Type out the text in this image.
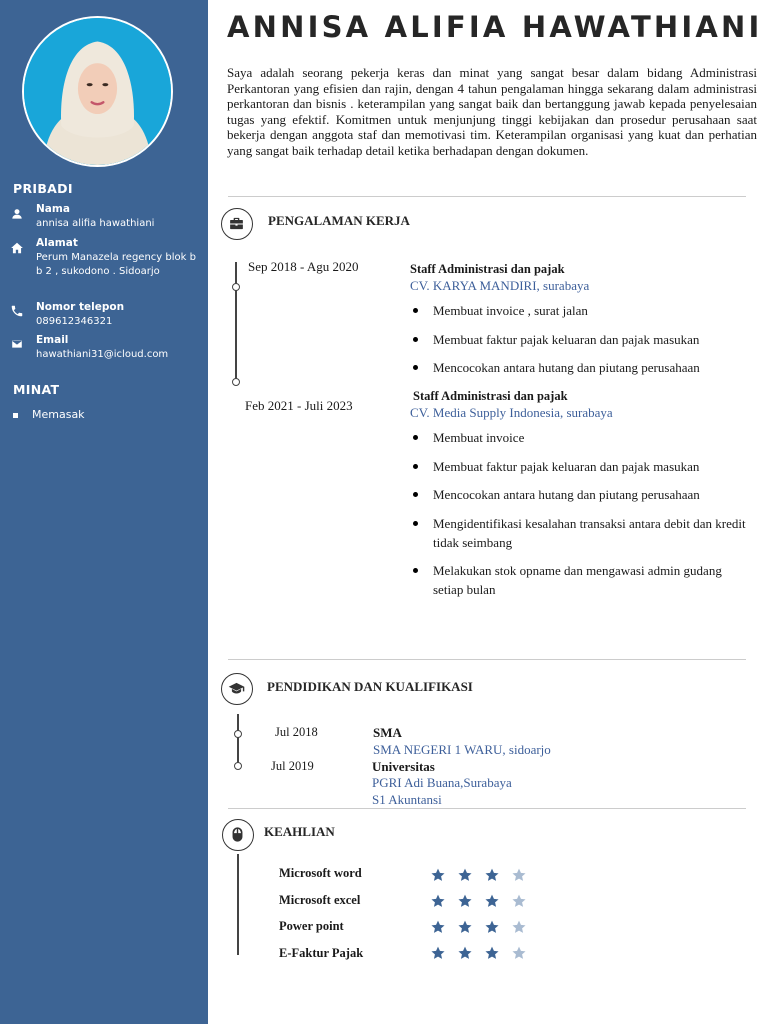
PRIBADI
Nama
annisa alifia hawathiani
Alamat
Perum Manazela regency blok b b 2 , sukodono . Sidoarjo
Nomor telepon
089612346321
Email
hawathiani31@icloud.com
MINAT
Memasak
ANNISA ALIFIA HAWATHIANI

Saya adalah seorang pekerja keras dan minat yang sangat besar dalam bidang Administrasi Perkantoran yang efisien dan rajin, dengan 4 tahun pengalaman hingga sekarang dalam administrasi perkantoran dan bisnis . keterampilan yang sangat baik dan bertanggung jawab kepada penyelesaian tugas yang efektif. Komitmen untuk menjunjung tinggi kebijakan dan prosedur perusahaan saat bekerja dengan anggota staf dan memotivasi tim. Keterampilan organisasi yang kuat dan perhatian yang sangat baik terhadap detail ketika berhadapan dengan dokumen.

PENGALAMAN KERJA
Sep 2018 - Agu 2020	Staff Administrasi dan pajak
CV. KARYA MANDIRI, surabaya
Membuat invoice , surat jalan
Membuat faktur pajak keluaran dan pajak masukan
Mencocokan antara hutang dan piutang perusahaan
Feb 2021 - Juli 2023
Staff Administrasi dan pajak
CV. Media Supply Indonesia, surabaya
Membuat invoice
Membuat faktur pajak keluaran dan pajak masukan
Mencocokan antara hutang dan piutang perusahaan
Mengidentifikasi kesalahan transaksi antara debit dan kredit tidak seimbang
Melakukan stok opname dan mengawasi admin gudang setiap bulan
PENDIDIKAN DAN KUALIFIKASI
Jul 2018	SMA
SMA NEGERI 1 WARU, sidoarjo
Jul 2019	Universitas
PGRI Adi Buana,Surabaya
S1 Akuntansi
KEAHLIAN
Microsoft word
Microsoft excel
Power point
E-Faktur Pajak
